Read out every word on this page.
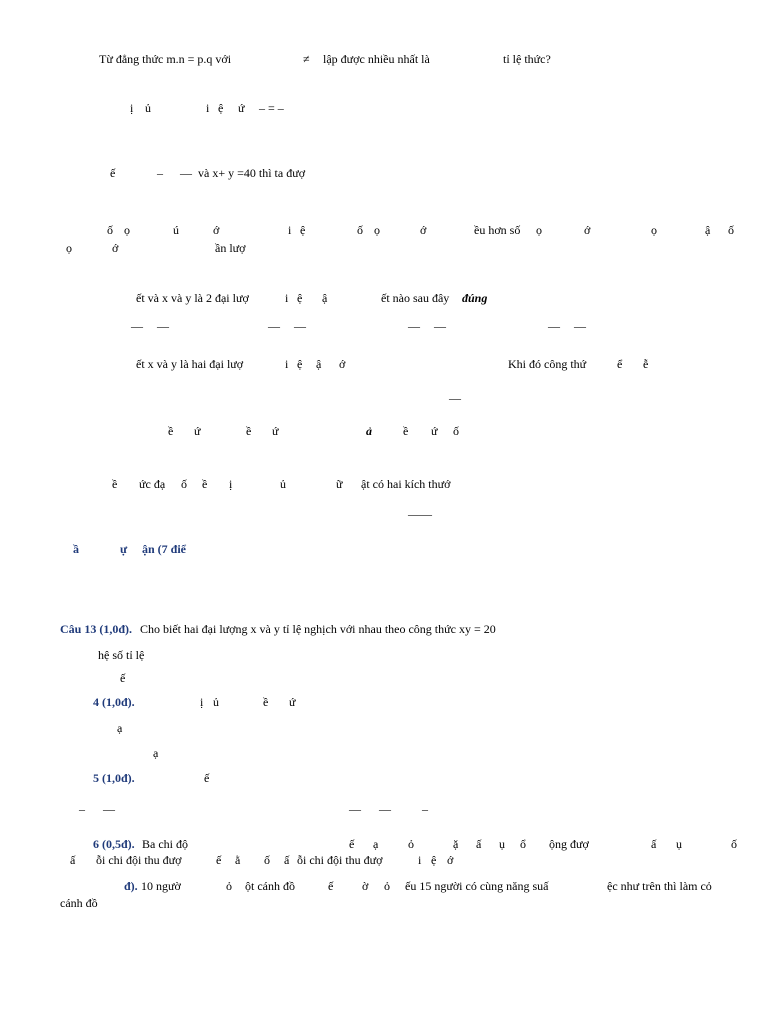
Từ đẳng thức m.n = p.q với	≠ lập được nhiều nhất là	tỉ lệ thức?
ị ủ	i ệ ứ – = –
ế	– — và x+ y =40 thì ta đượ
ố ọ	ú	ớ	i ệ	ố ọ	ớ	ều hơn số ọ	ớ	ọ	ậ ố
ọ	ớ	ần lượ
ết và x và y là 2 đại lượ	i ệ ậ	ết nào sau đây đúng
— —	— —	— —	— —
ết x và y là hai đại lượ	i ệ ậ ớ	Khi đó công thứ	ể ễ
—
ề ứ	ề ứ	ả	ề ứ ố
ề ức đạ ố ề ị	ủ	ữ ật có hai kích thướ
——
ầ	ự ận (7 điể
Câu 13 (1,0đ). Cho biết hai đại lượng x và y tỉ lệ nghịch với nhau theo công thức xy = 20
hệ số tỉ lệ
ế
4 (1,0đ).	ị ủ	ề ứ
ạ
ạ
5 (1,0đ).	ế
– —	— —	–
6 (0,5đ). Ba chi độ	ế ạ ỏ	ặ ấ ụ ổ ộng đượ	ấ ụ	ố
ấ ỗi chi đội thu đượ	ế ằ ố ấ ỗi chi đội thu đượ	i ệ ớ
đ). 10 ngườ	ỏ ột cánh đồ	ế ờ ỏ ếu 15 người có cùng năng suấ	ệc như trên thì làm cỏ
cánh đồ
